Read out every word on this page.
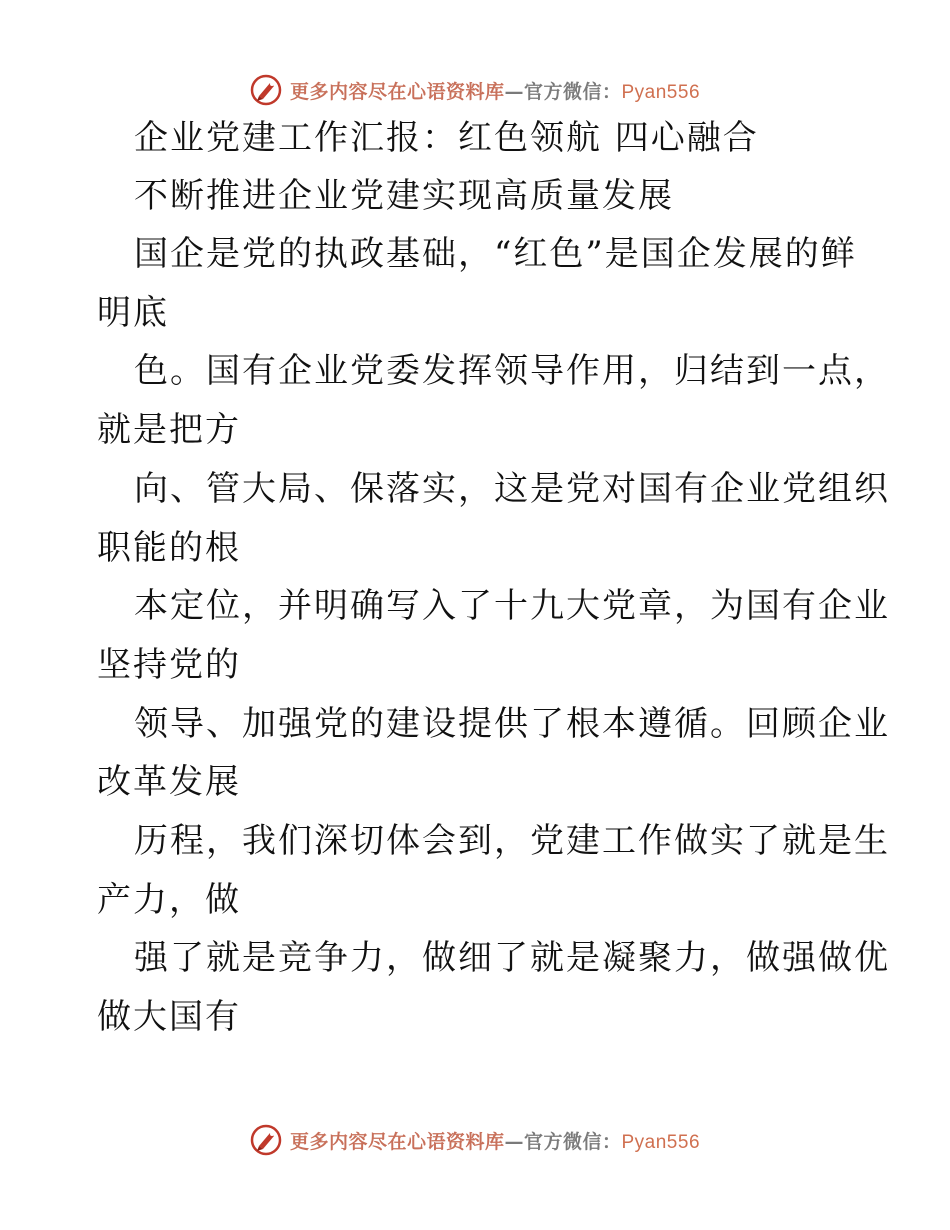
更多内容尽在心语资料库—官方微信：Pyan556
企业党建工作汇报：红色领航 四心融合
不断推进企业党建实现高质量发展
国企是党的执政基础，“红色”是国企发展的鲜
明底
色。国有企业党委发挥领导作用，归结到一点，
就是把方
向、管大局、保落实，这是党对国有企业党组织
职能的根
本定位，并明确写入了十九大党章，为国有企业
坚持党的
领导、加强党的建设提供了根本遵循。回顾企业
改革发展
历程，我们深切体会到，党建工作做实了就是生
产力，做
强了就是竞争力，做细了就是凝聚力，做强做优
做大国有
更多内容尽在心语资料库—官方微信：Pyan556
